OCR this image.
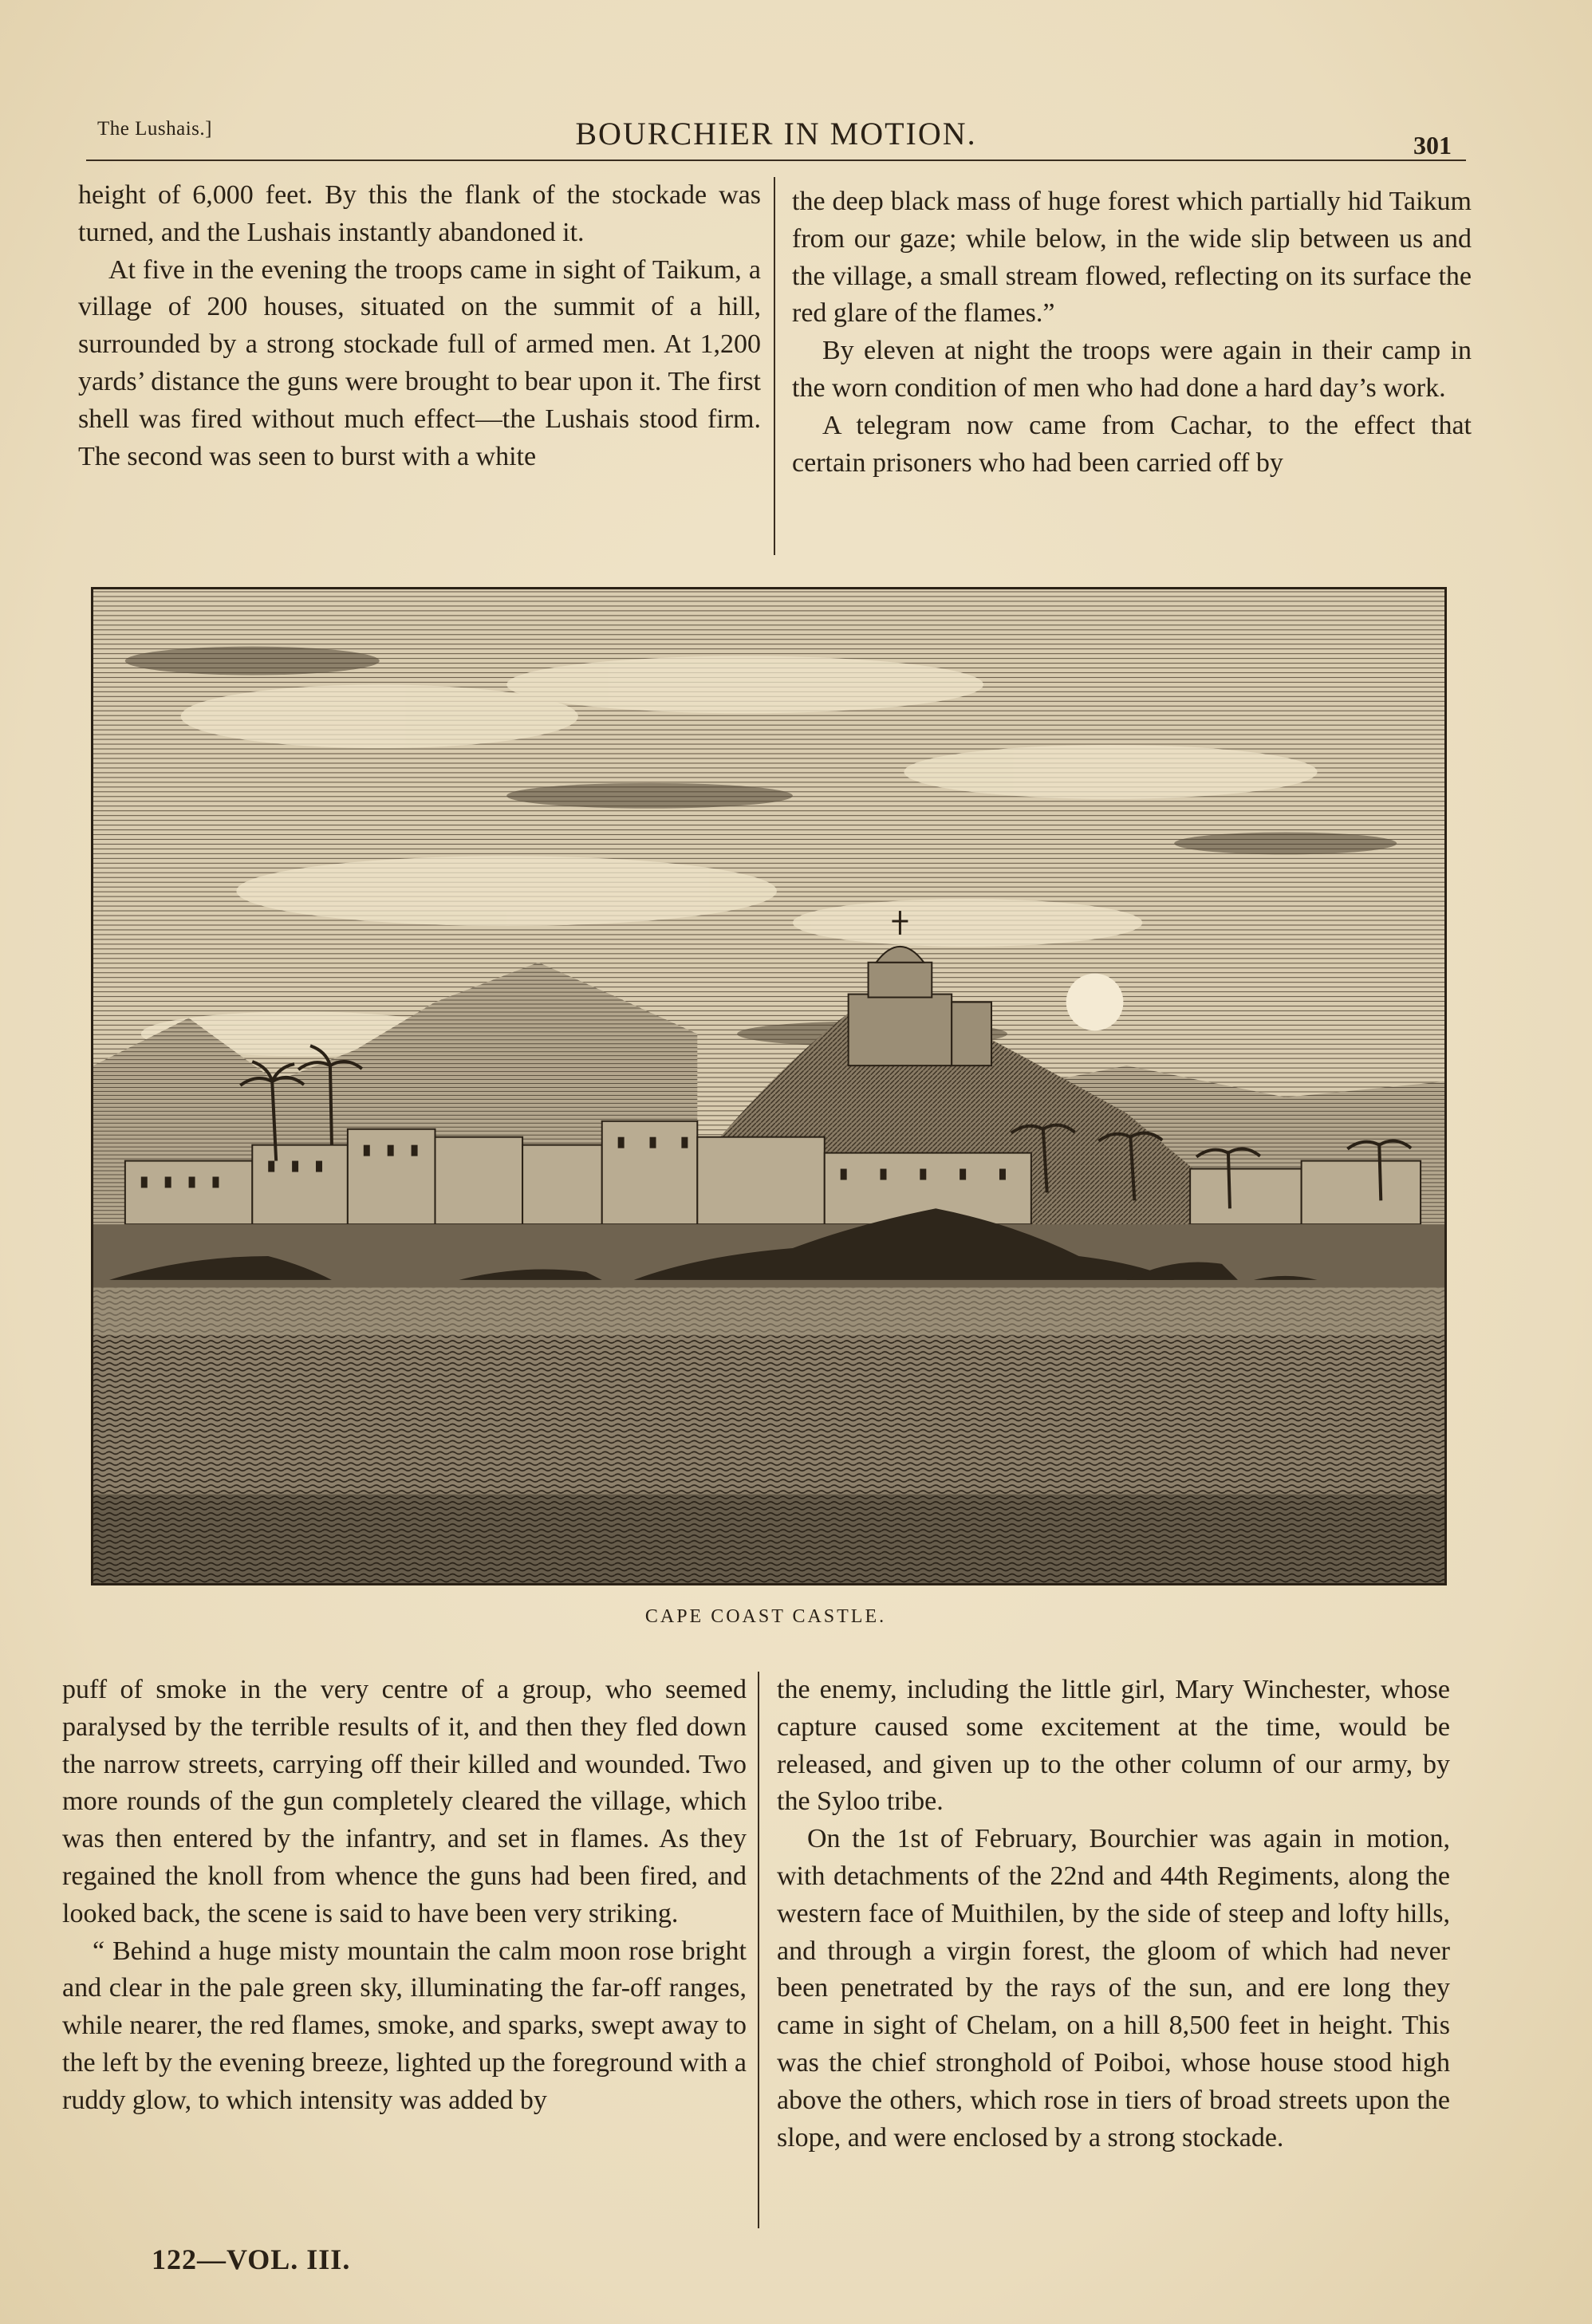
The Lushais.]	BOURCHIER IN MOTION.	301

height of 6,000 feet. By this the flank of the stockade was turned, and the Lushais instantly abandoned it.

At five in the evening the troops came in sight of Taikum, a village of 200 houses, situated on the summit of a hill, surrounded by a strong stockade full of armed men. At 1,200 yards’ distance the guns were brought to bear upon it. The first shell was fired without much effect—the Lushais stood firm. The second was seen to burst with a white

the deep black mass of huge forest which partially hid Taikum from our gaze; while below, in the wide slip between us and the village, a small stream flowed, reflecting on its surface the red glare of the flames.”

By eleven at night the troops were again in their camp in the worn condition of men who had done a hard day’s work.

A telegram now came from Cachar, to the effect that certain prisoners who had been carried off by

CAPE COAST CASTLE.

puff of smoke in the very centre of a group, who seemed paralysed by the terrible results of it, and then they fled down the narrow streets, carrying off their killed and wounded. Two more rounds of the gun completely cleared the village, which was then entered by the infantry, and set in flames. As they regained the knoll from whence the guns had been fired, and looked back, the scene is said to have been very striking.

“ Behind a huge misty mountain the calm moon rose bright and clear in the pale green sky, illuminating the far-off ranges, while nearer, the red flames, smoke, and sparks, swept away to the left by the evening breeze, lighted up the foreground with a ruddy glow, to which intensity was added by

the enemy, including the little girl, Mary Winchester, whose capture caused some excitement at the time, would be released, and given up to the other column of our army, by the Syloo tribe.

On the 1st of February, Bourchier was again in motion, with detachments of the 22nd and 44th Regiments, along the western face of Muithilen, by the side of steep and lofty hills, and through a virgin forest, the gloom of which had never been penetrated by the rays of the sun, and ere long they came in sight of Chelam, on a hill 8,500 feet in height. This was the chief stronghold of Poiboi, whose house stood high above the others, which rose in tiers of broad streets upon the slope, and were enclosed by a strong stockade.

122—VOL. III.
